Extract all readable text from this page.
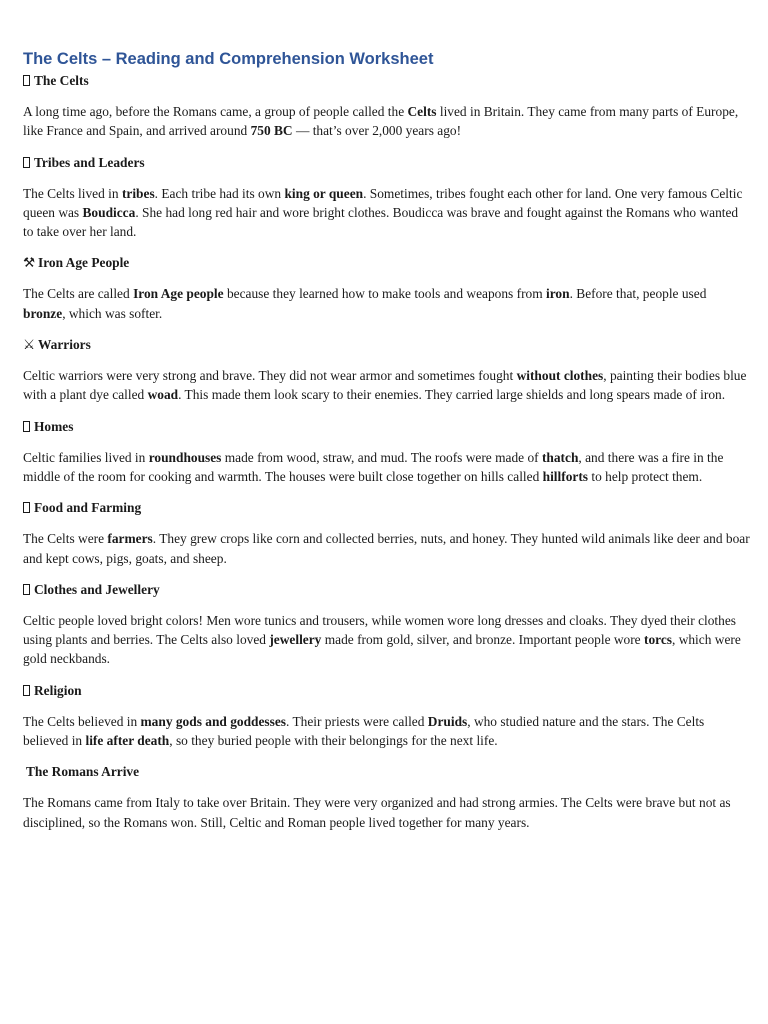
The Celts – Reading and Comprehension Worksheet
The Celts

A long time ago, before the Romans came, a group of people called the Celts lived in Britain. They came from many parts of Europe, like France and Spain, and arrived around 750 BC — that’s over 2,000 years ago!

Tribes and Leaders

The Celts lived in tribes. Each tribe had its own king or queen. Sometimes, tribes fought each other for land. One very famous Celtic queen was Boudicca. She had long red hair and wore bright clothes. Boudicca was brave and fought against the Romans who wanted to take over her land.

⚒ Iron Age People

The Celts are called Iron Age people because they learned how to make tools and weapons from iron. Before that, people used bronze, which was softer.

⚔ Warriors

Celtic warriors were very strong and brave. They did not wear armor and sometimes fought without clothes, painting their bodies blue with a plant dye called woad. This made them look scary to their enemies. They carried large shields and long spears made of iron.

Homes

Celtic families lived in roundhouses made from wood, straw, and mud. The roofs were made of thatch, and there was a fire in the middle of the room for cooking and warmth. The houses were built close together on hills called hillforts to help protect them.

Food and Farming

The Celts were farmers. They grew crops like corn and collected berries, nuts, and honey. They hunted wild animals like deer and boar and kept cows, pigs, goats, and sheep.

Clothes and Jewellery

Celtic people loved bright colors! Men wore tunics and trousers, while women wore long dresses and cloaks. They dyed their clothes using plants and berries. The Celts also loved jewellery made from gold, silver, and bronze. Important people wore torcs, which were gold neckbands.

Religion

The Celts believed in many gods and goddesses. Their priests were called Druids, who studied nature and the stars. The Celts believed in life after death, so they buried people with their belongings for the next life.

The Romans Arrive

The Romans came from Italy to take over Britain. They were very organized and had strong armies. The Celts were brave but not as disciplined, so the Romans won. Still, Celtic and Roman people lived together for many years.
